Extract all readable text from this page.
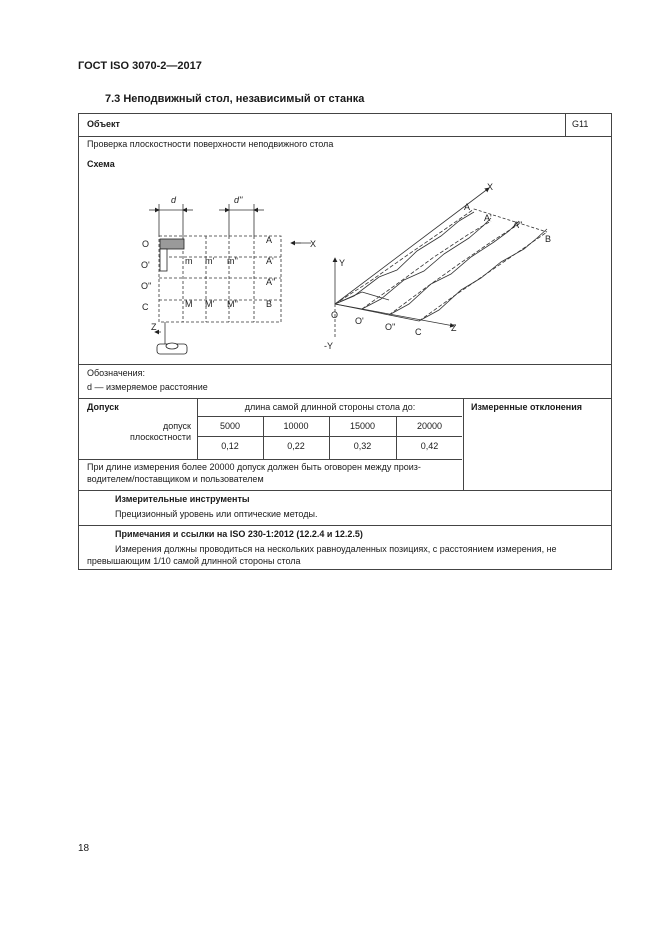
ГОСТ ISO 3070-2—2017
7.3 Неподвижный стол, независимый от станка
Объект	G11
Проверка плоскостности поверхности неподвижного стола
Схема
d	d''
O
O'
O''
C
A
A'
A''
B
m m' m''
M M' M''
X
Z
X
A
A'
A''
B
Y
-Y
O
O'
O'' C	Z
Обозначения:
d — измеряемое расстояние
Допуск	длина самой длинной стороны стола до:	Измеренные отклонения
допуск
плоскостности
5000	10000	15000	20000
0,12	0,22	0,32	0,42
При длине измерения более 20000 допуск должен быть оговорен между произ-
водителем/поставщиком и пользователем
Измерительные инструменты
Прецизионный уровень или оптические методы.
Примечания и ссылки на ISO 230-1:2012 (12.2.4 и 12.2.5)
Измерения должны проводиться на нескольких равноудаленных позициях, с расстоянием измерения, не
превышающим 1/10 самой длинной стороны стола
18
